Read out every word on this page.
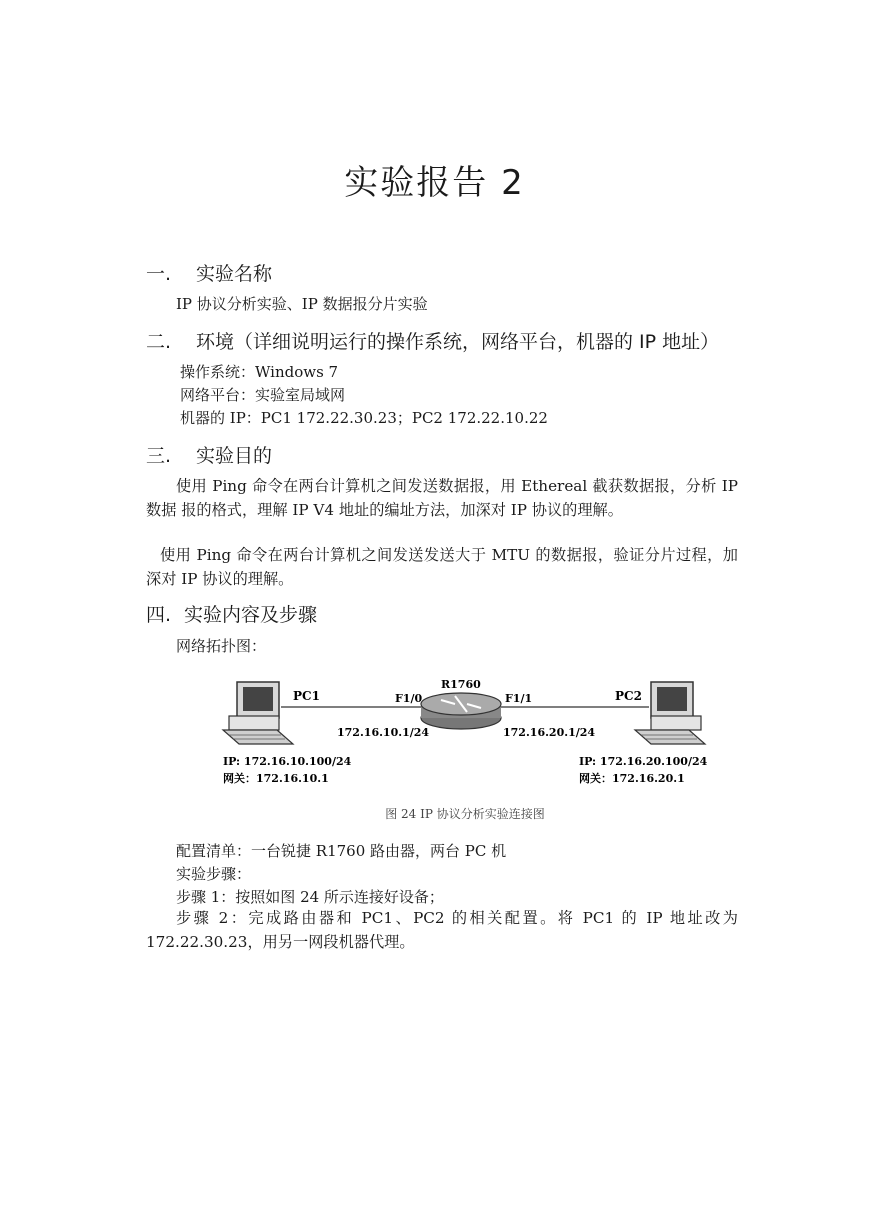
实验报告 2
一. 实验名称
IP 协议分析实验、IP 数据报分片实验
二. 环境（详细说明运行的操作系统，网络平台，机器的 IP 地址）
操作系统：Windows 7
网络平台：实验室局域网
机器的 IP：PC1 172.22.30.23；PC2 172.22.10.22
三. 实验目的
使用 Ping 命令在两台计算机之间发送数据报，用 Ethereal 截获数据报，分析 IP 数据 报的格式，理解 IP V4 地址的编址方法，加深对 IP 协议的理解。
使用 Ping 命令在两台计算机之间发送发送大于 MTU 的数据报，验证分片过程，加深对 IP 协议的理解。
四. 实验内容及步骤
网络拓扑图：
PC1	PC2
R1760
F1/0	F1/1
172.16.10.1/24	172.16.20.1/24
IP: 172.16.10.100/24
网关：172.16.10.1
IP: 172.16.20.100/24
网关：172.16.20.1
图 24 IP 协议分析实验连接图
配置清单：一台锐捷 R1760 路由器，两台 PC 机
实验步骤：
步骤 1：按照如图 24 所示连接好设备；
步骤 2：完成路由器和 PC1、PC2 的相关配置。将 PC1 的 IP 地址改为 172.22.30.23，用另一网段机器代理。
